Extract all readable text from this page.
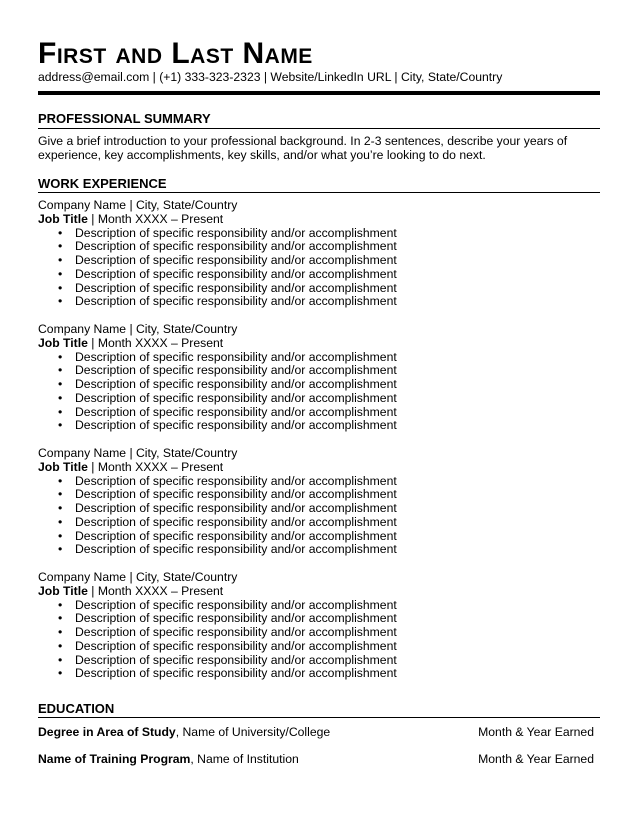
First and Last Name
address@email.com | (+1) 333-323-2323 | Website/LinkedIn URL | City, State/Country
PROFESSIONAL SUMMARY
Give a brief introduction to your professional background. In 2-3 sentences, describe your years of experience, key accomplishments, key skills, and/or what you’re looking to do next.
WORK EXPERIENCE
Company Name | City, State/Country
Job Title | Month XXXX – Present
• Description of specific responsibility and/or accomplishment
• Description of specific responsibility and/or accomplishment
• Description of specific responsibility and/or accomplishment
• Description of specific responsibility and/or accomplishment
• Description of specific responsibility and/or accomplishment
• Description of specific responsibility and/or accomplishment
Company Name | City, State/Country
Job Title | Month XXXX – Present
• Description of specific responsibility and/or accomplishment
• Description of specific responsibility and/or accomplishment
• Description of specific responsibility and/or accomplishment
• Description of specific responsibility and/or accomplishment
• Description of specific responsibility and/or accomplishment
• Description of specific responsibility and/or accomplishment
Company Name | City, State/Country
Job Title | Month XXXX – Present
• Description of specific responsibility and/or accomplishment
• Description of specific responsibility and/or accomplishment
• Description of specific responsibility and/or accomplishment
• Description of specific responsibility and/or accomplishment
• Description of specific responsibility and/or accomplishment
• Description of specific responsibility and/or accomplishment
Company Name | City, State/Country
Job Title | Month XXXX – Present
• Description of specific responsibility and/or accomplishment
• Description of specific responsibility and/or accomplishment
• Description of specific responsibility and/or accomplishment
• Description of specific responsibility and/or accomplishment
• Description of specific responsibility and/or accomplishment
• Description of specific responsibility and/or accomplishment
EDUCATION
Degree in Area of Study, Name of University/College	Month & Year Earned
Name of Training Program, Name of Institution	Month & Year Earned
